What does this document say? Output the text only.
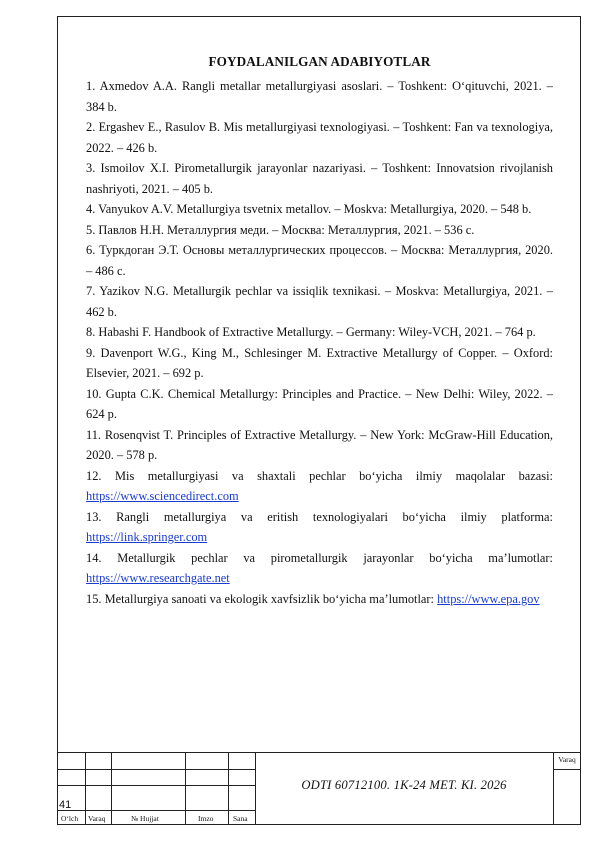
FOYDALANILGAN ADABIYOTLAR

1. Axmedov A.A. Rangli metallar metallurgiyasi asoslari. – Toshkent: O‘qituvchi, 2021. – 384 b.

2. Ergashev E., Rasulov B. Mis metallurgiyasi texnologiyasi. – Toshkent: Fan va texnologiya, 2022. – 426 b.

3. Ismoilov X.I. Pirometallurgik jarayonlar nazariyasi. – Toshkent: Innovatsion rivojlanish nashriyoti, 2021. – 405 b.

4. Vanyukov A.V. Metallurgiya tsvetnix metallov. – Moskva: Metallurgiya, 2020. – 548 b.

5. Павлов Н.Н. Металлургия меди. – Москва: Металлургия, 2021. – 536 с.

6. Туркдоган Э.Т. Основы металлургических процессов. – Москва: Металлургия, 2020. – 486 с.

7. Yazikov N.G. Metallurgik pechlar va issiqlik texnikasi. – Moskva: Metallurgiya, 2021. – 462 b.

8. Habashi F. Handbook of Extractive Metallurgy. – Germany: Wiley-VCH, 2021. – 764 p.

9. Davenport W.G., King M., Schlesinger M. Extractive Metallurgy of Copper. – Oxford: Elsevier, 2021. – 692 p.

10. Gupta C.K. Chemical Metallurgy: Principles and Practice. – New Delhi: Wiley, 2022. – 624 p.

11. Rosenqvist T. Principles of Extractive Metallurgy. – New York: McGraw-Hill Education, 2020. – 578 p.

12. Mis metallurgiyasi va shaxtali pechlar bo‘yicha ilmiy maqolalar bazasi: https://www.sciencedirect.com

13. Rangli metallurgiya va eritish texnologiyalari bo‘yicha ilmiy platforma: https://link.springer.com

14. Metallurgik pechlar va pirometallurgik jarayonlar bo‘yicha ma’lumotlar: https://www.researchgate.net

15. Metallurgiya sanoati va ekologik xavfsizlik bo‘yicha ma’lumotlar: https://www.epa.gov

41
ODTI 60712100. 1K-24 MET. KI. 2026
Varaq
O‘lch Varaq	№ Hujjat	Imzo	Sana
